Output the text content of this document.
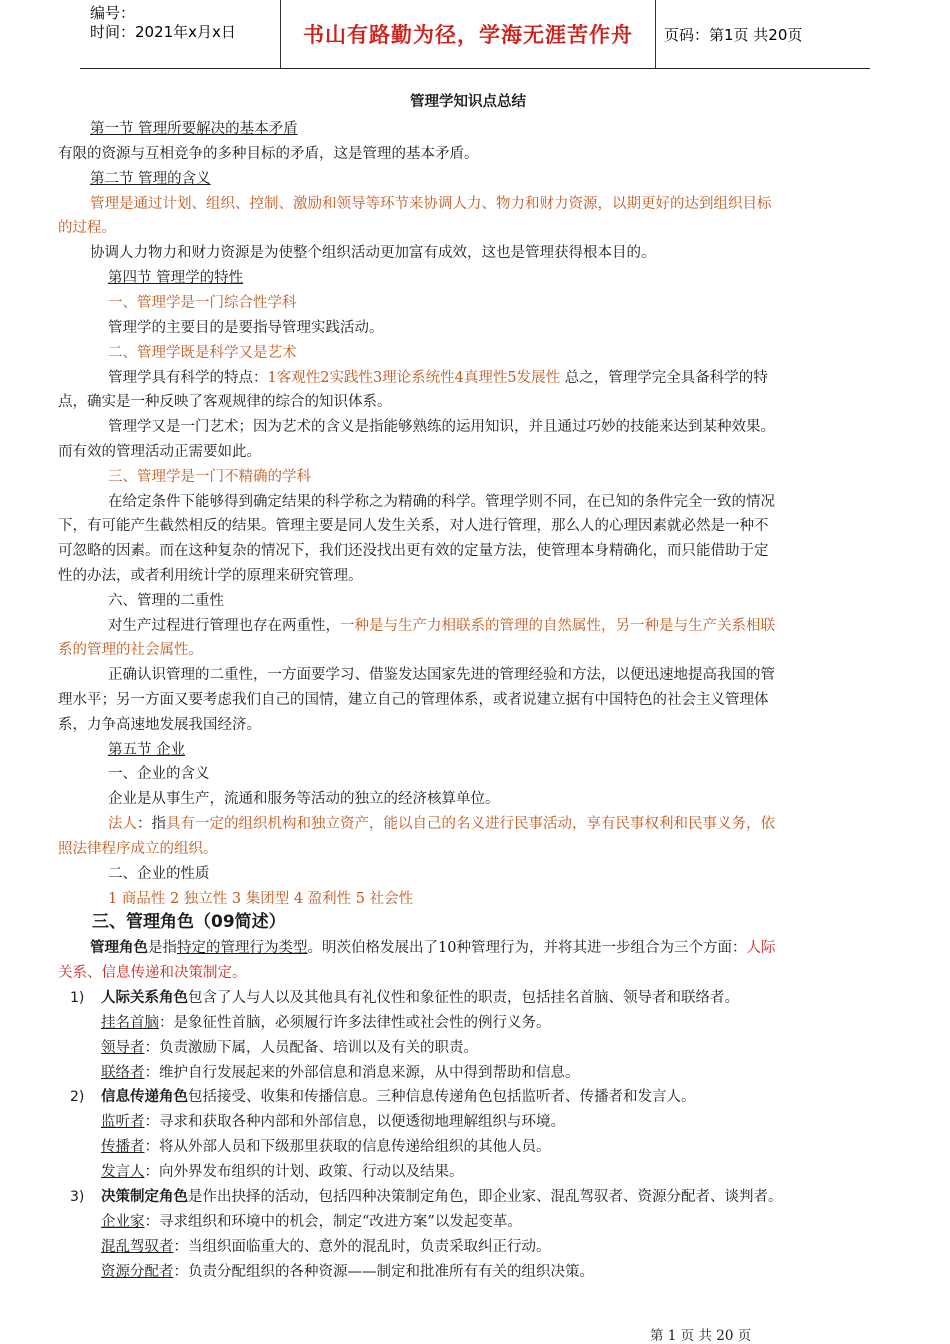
编号：
时间：2021年x月x日	书山有路勤为径，学海无涯苦作舟	页码：第1页 共20页
管理学知识点总结
第一节 管理所要解决的基本矛盾
有限的资源与互相竞争的多种目标的矛盾，这是管理的基本矛盾。
第二节 管理的含义
管理是通过计划、组织、控制、激励和领导等环节来协调人力、物力和财力资源，以期更好的达到组织目标
的过程。
协调人力物力和财力资源是为使整个组织活动更加富有成效，这也是管理获得根本目的。
第四节 管理学的特性
一、管理学是一门综合性学科
管理学的主要目的是要指导管理实践活动。
二、管理学既是科学又是艺术
管理学具有科学的特点：1客观性2实践性3理论系统性4真理性5发展性 总之，管理学完全具备科学的特
点，确实是一种反映了客观规律的综合的知识体系。
管理学又是一门艺术；因为艺术的含义是指能够熟练的运用知识，并且通过巧妙的技能来达到某种效果。
而有效的管理活动正需要如此。
三、管理学是一门不精确的学科
在给定条件下能够得到确定结果的科学称之为精确的科学。管理学则不同，在已知的条件完全一致的情况
下，有可能产生截然相反的结果。管理主要是同人发生关系，对人进行管理，那么人的心理因素就必然是一种不
可忽略的因素。而在这种复杂的情况下，我们还没找出更有效的定量方法，使管理本身精确化，而只能借助于定
性的办法，或者利用统计学的原理来研究管理。
六、管理的二重性
对生产过程进行管理也存在两重性，一种是与生产力相联系的管理的自然属性，另一种是与生产关系相联
系的管理的社会属性。
正确认识管理的二重性，一方面要学习、借鉴发达国家先进的管理经验和方法，以便迅速地提高我国的管
理水平；另一方面又要考虑我们自己的国情，建立自己的管理体系，或者说建立据有中国特色的社会主义管理体
系，力争高速地发展我国经济。
第五节 企业
一、企业的含义
企业是从事生产，流通和服务等活动的独立的经济核算单位。
法人：指具有一定的组织机构和独立资产，能以自己的名义进行民事活动，享有民事权利和民事义务，依
照法律程序成立的组织。
二、企业的性质
1 商品性 2 独立性 3 集团型 4 盈利性 5 社会性
三、管理角色（09简述）
管理角色是指特定的管理行为类型。明茨伯格发展出了10种管理行为，并将其进一步组合为三个方面：人际
关系、信息传递和决策制定。
1) 人际关系角色包含了人与人以及其他具有礼仪性和象征性的职责，包括挂名首脑、领导者和联络者。
挂名首脑：是象征性首脑，必须履行许多法律性或社会性的例行义务。
领导者：负责激励下属，人员配备、培训以及有关的职责。
联络者：维护自行发展起来的外部信息和消息来源，从中得到帮助和信息。
2) 信息传递角色包括接受、收集和传播信息。三种信息传递角色包括监听者、传播者和发言人。
监听者：寻求和获取各种内部和外部信息，以便透彻地理解组织与环境。
传播者：将从外部人员和下级那里获取的信息传递给组织的其他人员。
发言人：向外界发布组织的计划、政策、行动以及结果。
3) 决策制定角色是作出抉择的活动，包括四种决策制定角色，即企业家、混乱驾驭者、资源分配者、谈判者。
企业家：寻求组织和环境中的机会，制定“改进方案”以发起变革。
混乱驾驭者：当组织面临重大的、意外的混乱时，负责采取纠正行动。
资源分配者：负责分配组织的各种资源——制定和批准所有有关的组织决策。
第 1 页 共 20 页
